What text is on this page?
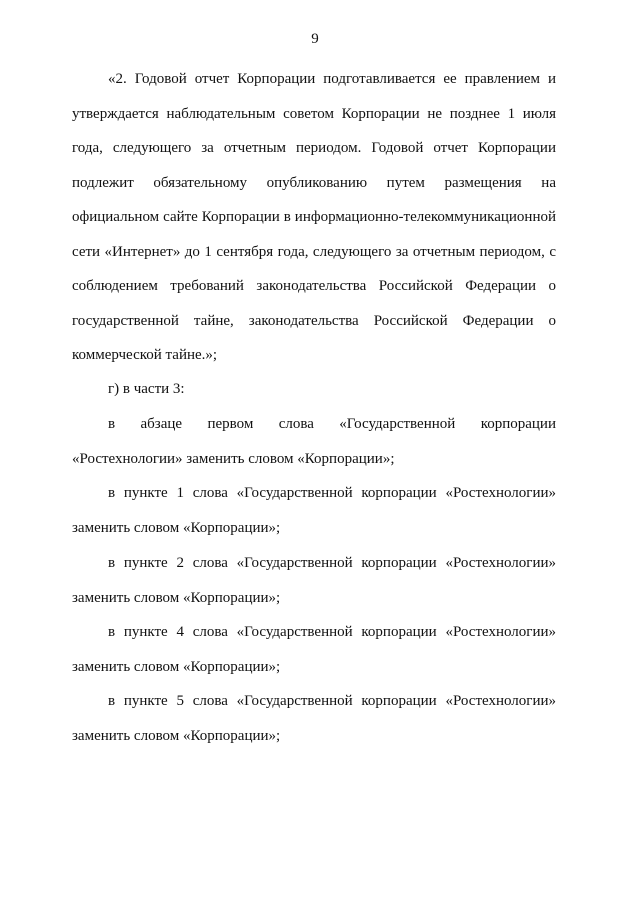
9
«2. Годовой отчет Корпорации подготавливается ее правлением и
утверждается наблюдательным советом Корпорации не позднее 1 июля
года, следующего за отчетным периодом. Годовой отчет Корпорации
подлежит обязательному опубликованию путем размещения на
официальном сайте Корпорации в информационно-телекоммуникационной
сети «Интернет» до 1 сентября года, следующего за отчетным периодом, с
соблюдением требований законодательства Российской Федерации о
государственной тайне, законодательства Российской Федерации о
коммерческой тайне.»;
г) в части 3:
в абзаце первом слова «Государственной корпорации
«Ростехнологии» заменить словом «Корпорации»;
в пункте 1 слова «Государственной корпорации «Ростехнологии»
заменить словом «Корпорации»;
в пункте 2 слова «Государственной корпорации «Ростехнологии»
заменить словом «Корпорации»;
в пункте 4 слова «Государственной корпорации «Ростехнологии»
заменить словом «Корпорации»;
в пункте 5 слова «Государственной корпорации «Ростехнологии»
заменить словом «Корпорации»;
